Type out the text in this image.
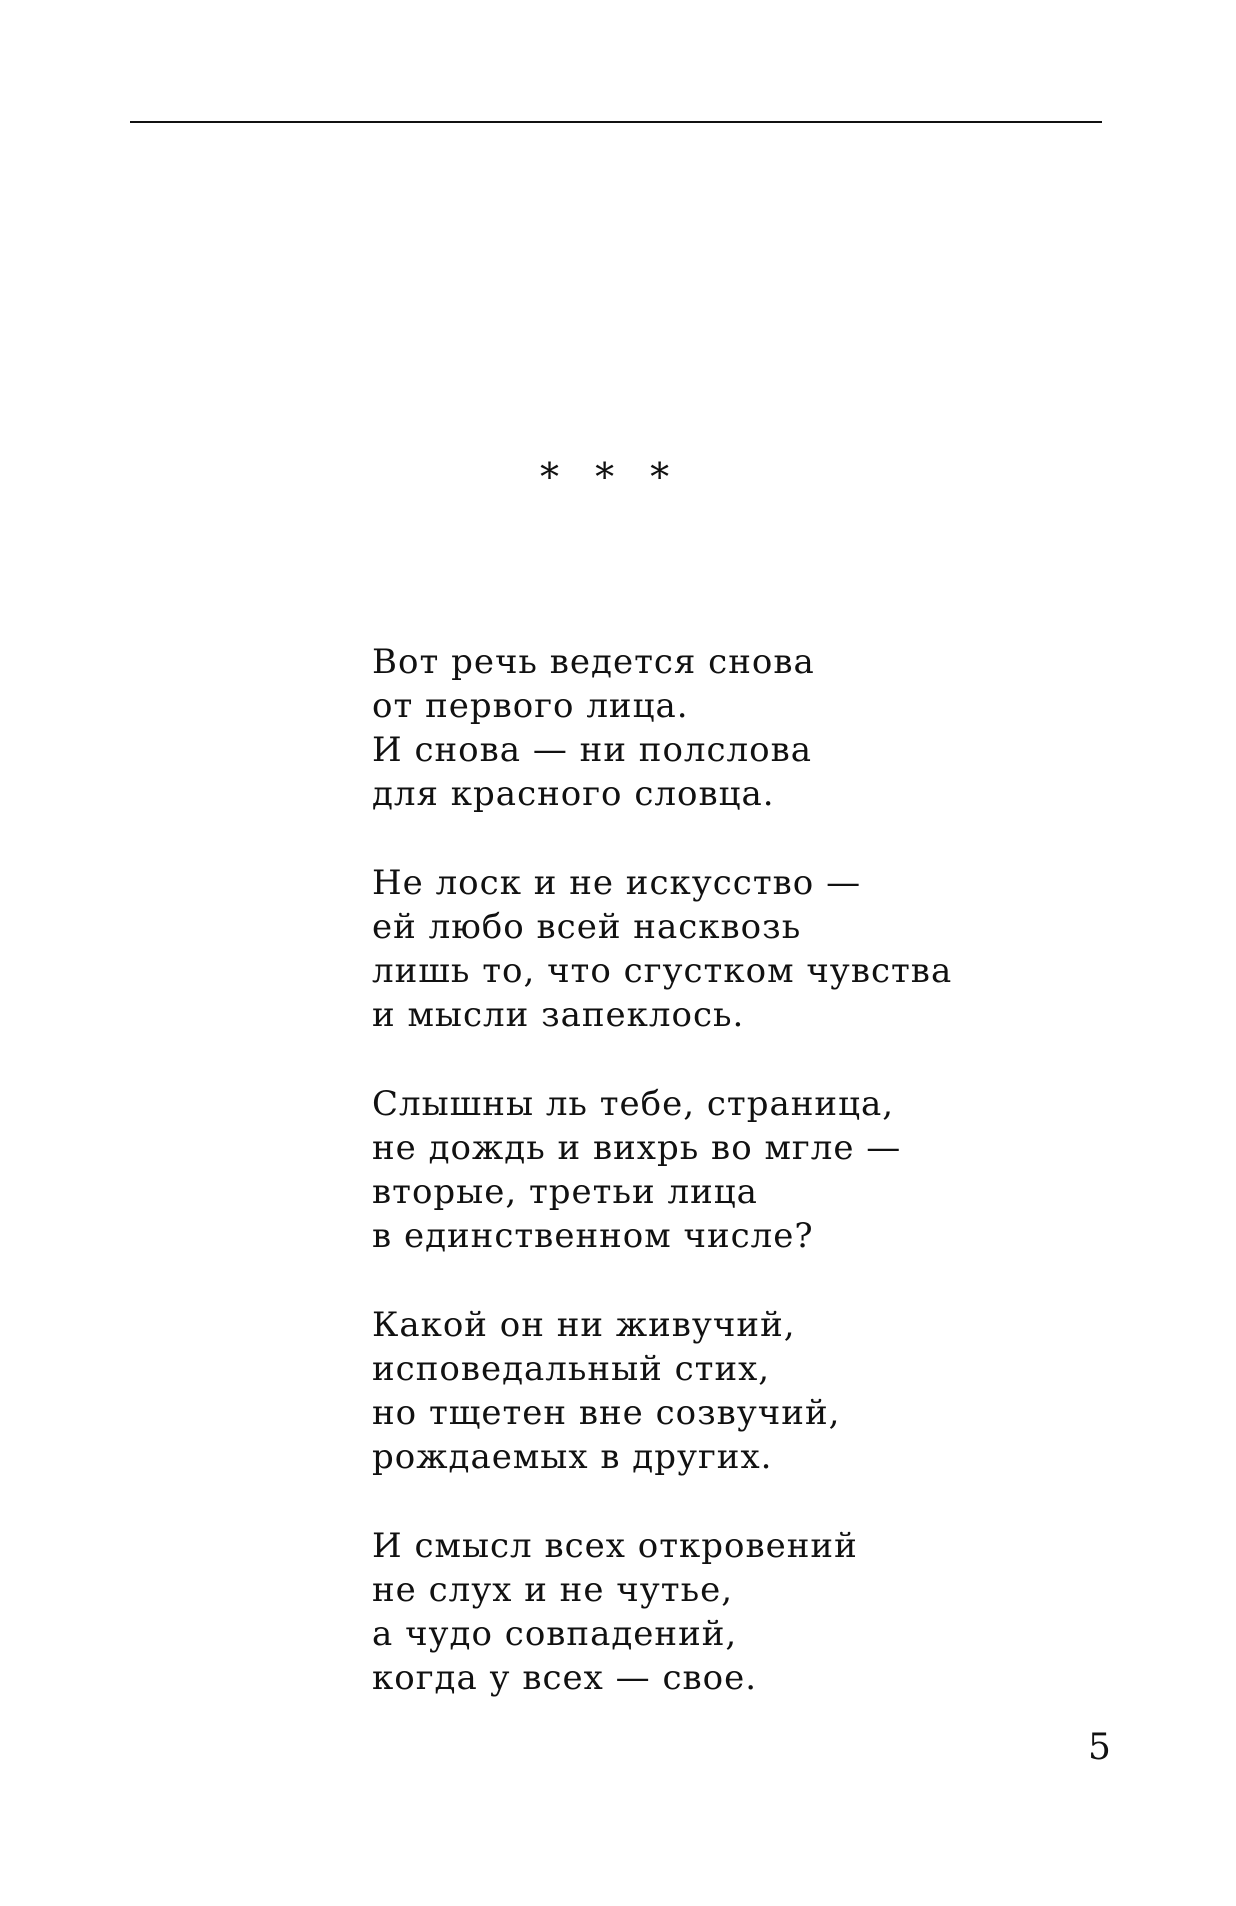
* * *
Вот речь ведется снова
от первого лица.
И снова — ни полслова
для красного словца.
Не лоск и не искусство —
ей любо всей насквозь
лишь то, что сгустком чувства
и мысли запеклось.
Слышны ль тебе, страница,
не дождь и вихрь во мгле —
вторые, третьи лица
в единственном числе?
Какой он ни живучий,
исповедальный стих,
но тщетен вне созвучий,
рождаемых в других.
И смысл всех откровений
не слух и не чутье,
а чудо совпадений,
когда у всех — свое.
5
